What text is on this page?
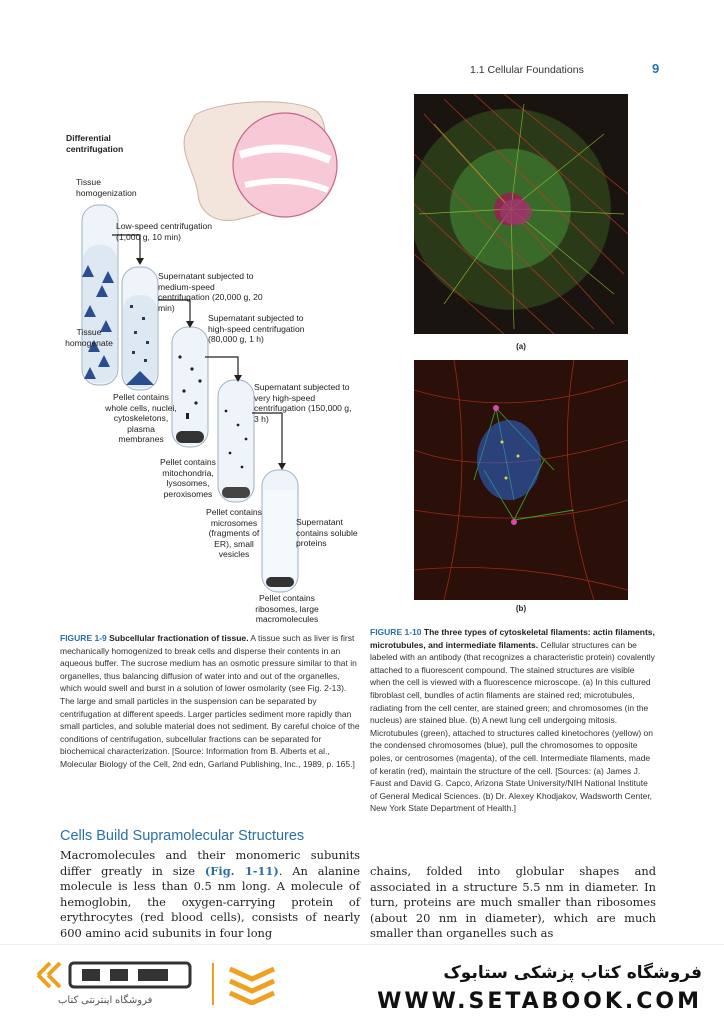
1.1 Cellular Foundations	9
Differential centrifugation
Tissue homogenization
Low-speed centrifugation (1,000 g, 10 min)
Tissue homogenate
Supernatant subjected to medium-speed centrifugation (20,000 g, 20 min)
Supernatant subjected to high-speed centrifugation (80,000 g, 1 h)
Supernatant subjected to very high-speed centrifugation (150,000 g, 3 h)
Pellet contains whole cells, nuclei, cytoskeletons, plasma membranes
Pellet contains mitochondria, lysosomes, peroxisomes
Pellet contains microsomes (fragments of ER), small vesicles
Supernatant contains soluble proteins
Pellet contains ribosomes, large macromolecules
FIGURE 1-9 Subcellular fractionation of tissue. A tissue such as liver is first mechanically homogenized to break cells and disperse their contents in an aqueous buffer. The sucrose medium has an osmotic pressure similar to that in organelles, thus balancing diffusion of water into and out of the organelles, which would swell and burst in a solution of lower osmolarity (see Fig. 2-13). The large and small particles in the suspension can be separated by centrifugation at different speeds. Larger particles sediment more rapidly than small particles, and soluble material does not sediment. By careful choice of the conditions of centrifugation, subcellular fractions can be separated for biochemical characterization. [Source: Information from B. Alberts et al., Molecular Biology of the Cell, 2nd edn, Garland Publishing, Inc., 1989, p. 165.]
(a)
(b)
FIGURE 1-10 The three types of cytoskeletal filaments: actin filaments, microtubules, and intermediate filaments. Cellular structures can be labeled with an antibody (that recognizes a characteristic protein) covalently attached to a fluorescent compound. The stained structures are visible when the cell is viewed with a fluorescence microscope. (a) In this cultured fibroblast cell, bundles of actin filaments are stained red; microtubules, radiating from the cell center, are stained green; and chromosomes (in the nucleus) are stained blue. (b) A newt lung cell undergoing mitosis. Microtubules (green), attached to structures called kinetochores (yellow) on the condensed chromosomes (blue), pull the chromosomes to opposite poles, or centrosomes (magenta), of the cell. Intermediate filaments, made of keratin (red), maintain the structure of the cell. [Sources: (a) James J. Faust and David G. Capco, Arizona State University/NIH National Institute of General Medical Sciences. (b) Dr. Alexey Khodjakov, Wadsworth Center, New York State Department of Health.]
Cells Build Supramolecular Structures
Macromolecules and their monomeric subunits differ greatly in size (Fig. 1-11). An alanine molecule is less than 0.5 nm long. A molecule of hemoglobin, the oxygen-carrying protein of erythrocytes (red blood cells), consists of nearly 600 amino acid subunits in four long
chains, folded into globular shapes and associated in a structure 5.5 nm in diameter. In turn, proteins are much smaller than ribosomes (about 20 nm in diameter), which are much smaller than organelles such as
فروشگاه اینترنتی کتاب
فروشگاه کتاب پزشکی ستابوک
WWW.SETABOOK.COM
